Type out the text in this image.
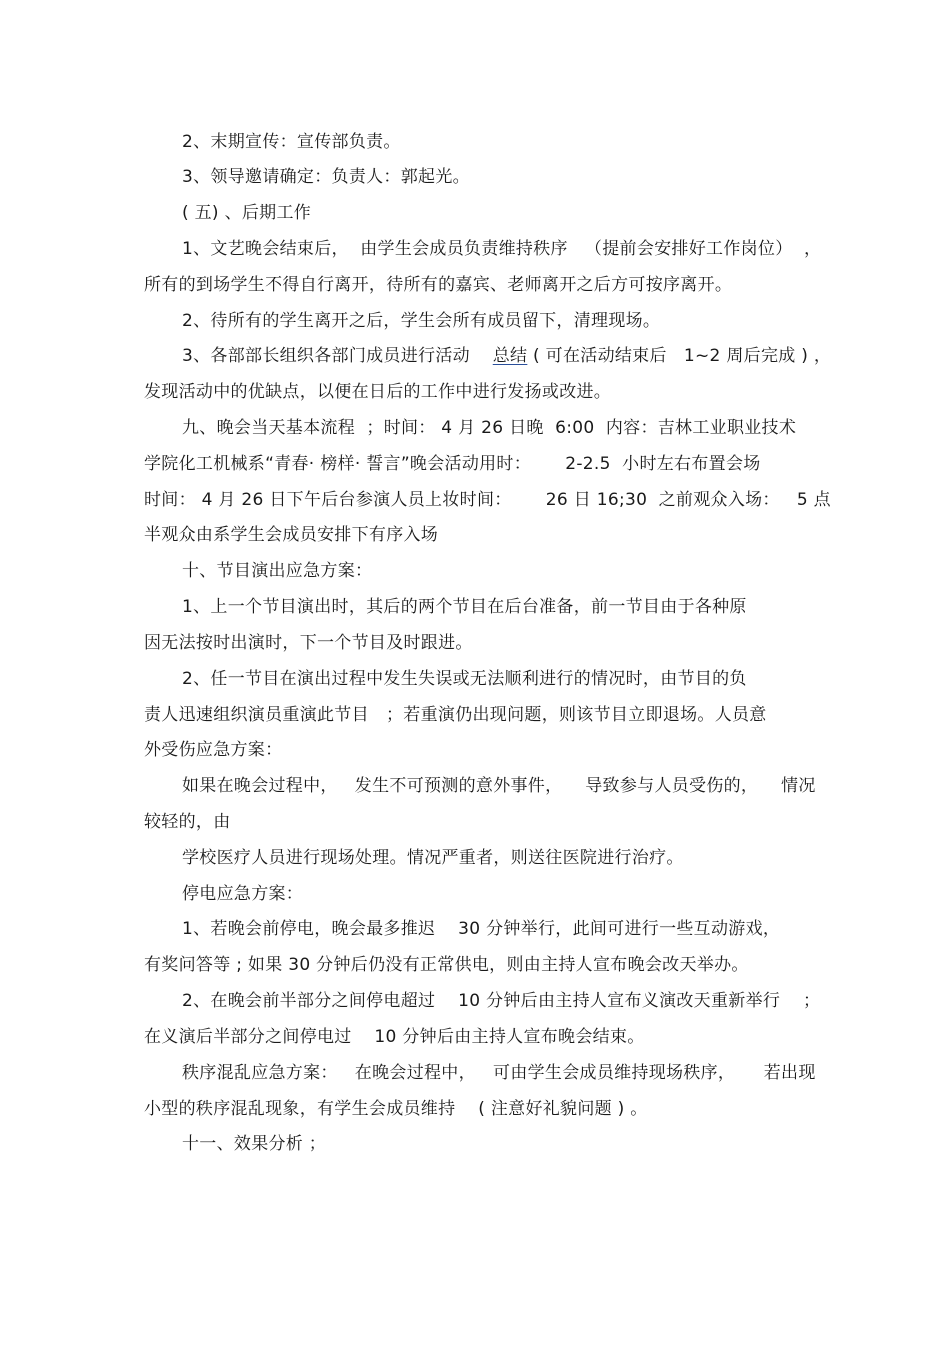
2、末期宣传：宣传部负责。
3、领导邀请确定：负责人：郭起光。
( 五) 、后期工作
1、文艺晚会结束后，  由学生会成员负责维持秩序   （提前会安排好工作岗位）  ，
所有的到场学生不得自行离开，待所有的嘉宾、老师离开之后方可按序离开。
2、待所有的学生离开之后，学生会所有成员留下，清理现场。
3、各部部长组织各部门成员进行活动    总结 ( 可在活动结束后   1~2 周后完成 ) ，
发现活动中的优缺点，以便在日后的工作中进行发扬或改进。
九、晚会当天基本流程  ；时间： 4 月 26 日晚  6:00  内容：吉林工业职业技术
学院化工机械系“青春· 榜样· 誓言”晚会活动用时：      2-2.5  小时左右布置会场
时间： 4 月 26 日下午后台参演人员上妆时间：      26 日 16;30  之前观众入场：   5 点
半观众由系学生会成员安排下有序入场
十、节目演出应急方案：
1、上一个节目演出时，其后的两个节目在后台准备，前一节目由于各种原
因无法按时出演时，下一个节目及时跟进。
2、任一节目在演出过程中发生失误或无法顺利进行的情况时，由节目的负
责人迅速组织演员重演此节目   ；若重演仍出现问题，则该节目立即退场。人员意
外受伤应急方案：
如果在晚会过程中，   发生不可预测的意外事件，    导致参与人员受伤的，    情况
较轻的，由
学校医疗人员进行现场处理。情况严重者，则送往医院进行治疗。
停电应急方案：
1、若晚会前停电，晚会最多推迟    30 分钟举行，此间可进行一些互动游戏，
有奖问答等 ; 如果 30 分钟后仍没有正常供电，则由主持人宣布晚会改天举办。
2、在晚会前半部分之间停电超过    10 分钟后由主持人宣布义演改天重新举行    ；
在义演后半部分之间停电过    10 分钟后由主持人宣布晚会结束。
秩序混乱应急方案：   在晚会过程中，   可由学生会成员维持现场秩序，     若出现
小型的秩序混乱现象，有学生会成员维持    ( 注意好礼貌问题 ) 。
十一、效果分析 ；
